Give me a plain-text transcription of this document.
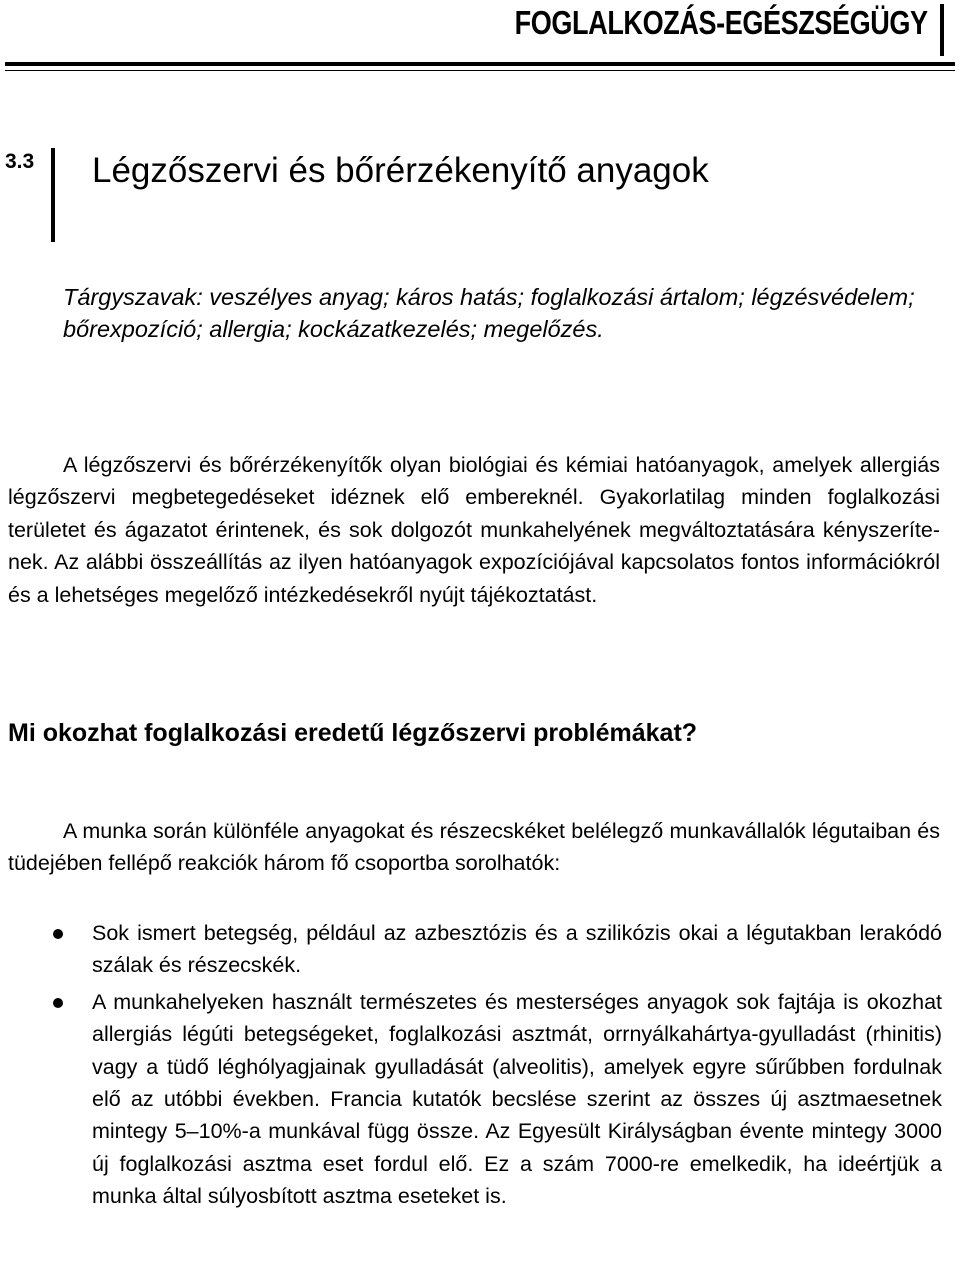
FOGLALKOZÁS-EGÉSZSÉGÜGY
3.3 Légzőszervi és bőrérzékenyítő anyagok
Tárgyszavak: veszélyes anyag; káros hatás; foglalkozási ártalom; légzésvédelem; bőrexpozíció; allergia; kockázatkezelés; megelőzés.

A légzőszervi és bőrérzékenyítők olyan biológiai és kémiai hatóanyagok, amelyek allergiás légzőszervi megbetegedéseket idéznek elő embereknél. Gyakorlatilag minden foglalkozási területet és ágazatot érintenek, és sok dolgozót munkahelyének megváltoztatására kényszerítenek. Az alábbi összeállítás az ilyen hatóanyagok expozíciójával kapcsolatos fontos információkról és a lehetséges megelőző intézkedésekről nyújt tájékoztatást.

Mi okozhat foglalkozási eredetű légzőszervi problémákat?

A munka során különféle anyagokat és részecskéket belélegző munkavállalók légutaiban és tüdejében fellépő reakciók három fő csoportba sorolhatók:

Sok ismert betegség, például az azbesztózis és a szilikózis okai a légutakban lerakódó szálak és részecskék.
A munkahelyeken használt természetes és mesterséges anyagok sok fajtája is okozhat allergiás légúti betegségeket, foglalkozási asztmát, orrnyálkahártya-gyulladást (rhinitis) vagy a tüdő léghólyagjainak gyulladását (alveolitis), amelyek egyre sűrűbben fordulnak elő az utóbbi években. Francia kutatók becslése szerint az összes új asztmaesetnek mintegy 5–10%-a munkával függ össze. Az Egyesült Királyságban évente mintegy 3000 új foglalkozási asztma eset fordul elő. Ez a szám 7000-re emelkedik, ha ideértjük a munka által súlyosbított asztma eseteket is.
